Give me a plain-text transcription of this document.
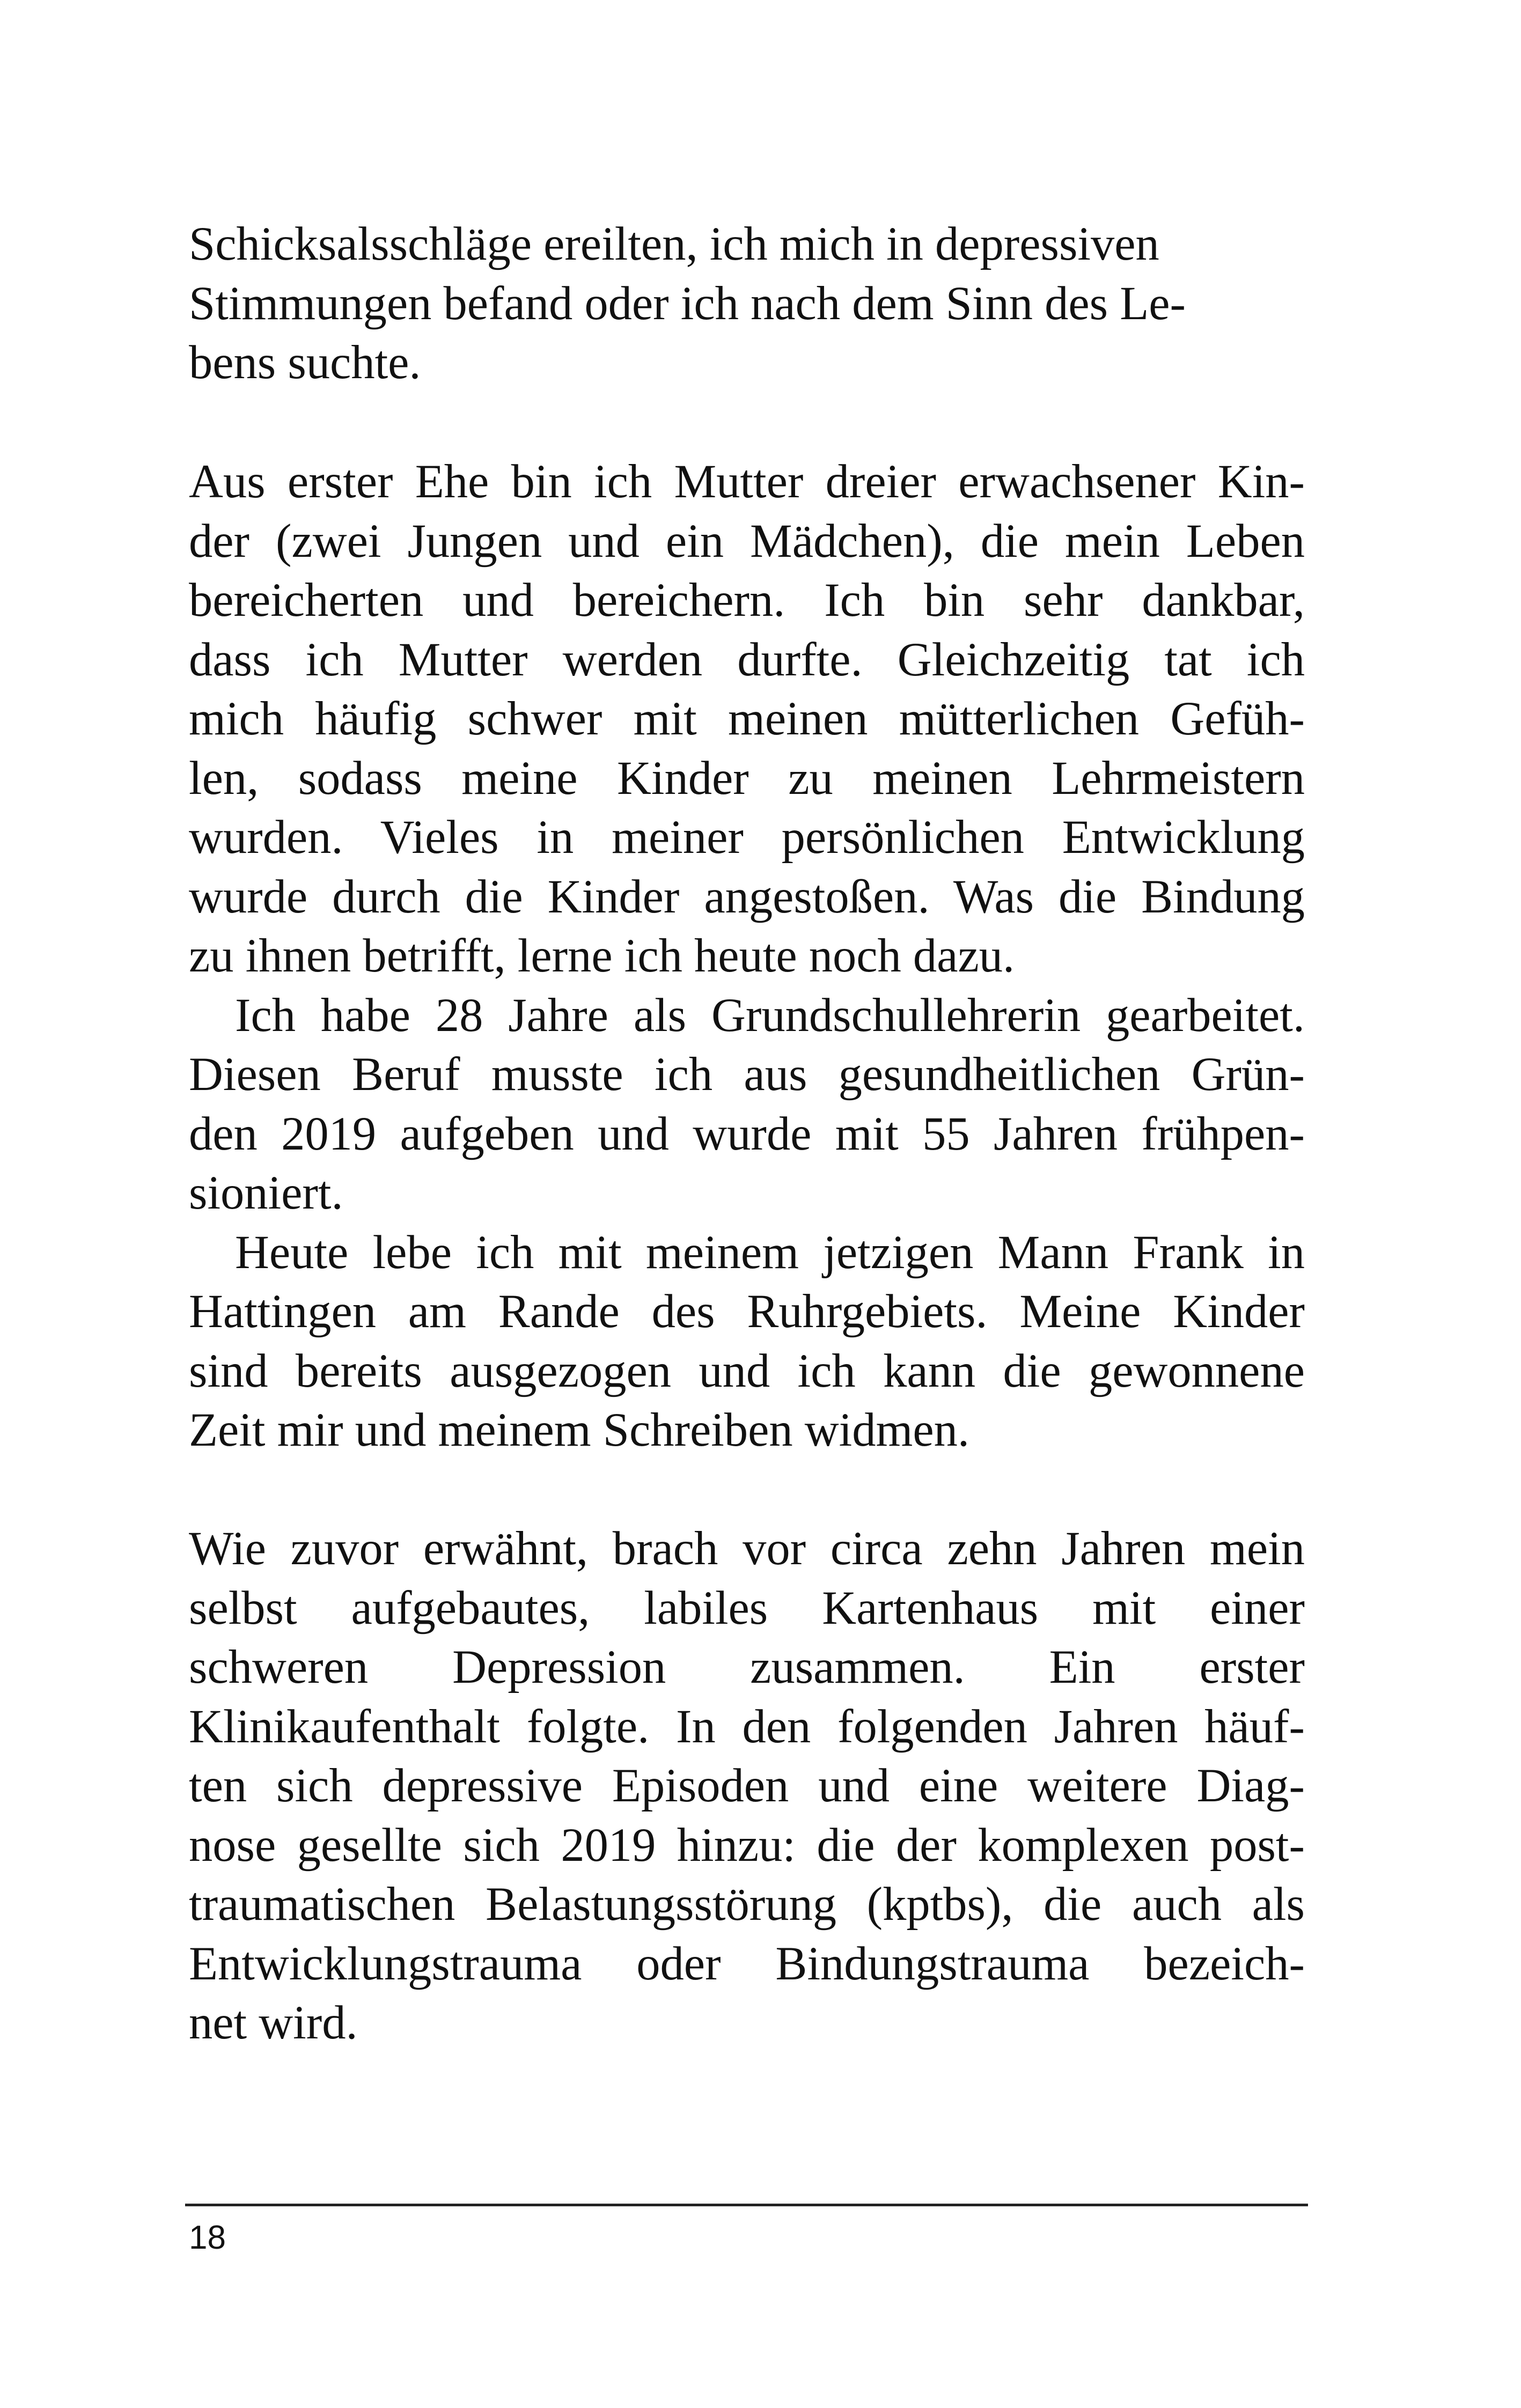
Schicksalsschläge ereilten, ich mich in depressiven
Stimmungen befand oder ich nach dem Sinn des Le-
bens suchte.
Aus erster Ehe bin ich Mutter dreier erwachsener Kin-
der (zwei Jungen und ein Mädchen), die mein Leben
bereicherten und bereichern. Ich bin sehr dankbar,
dass ich Mutter werden durfte. Gleichzeitig tat ich
mich häufig schwer mit meinen mütterlichen Gefüh-
len, sodass meine Kinder zu meinen Lehrmeistern
wurden. Vieles in meiner persönlichen Entwicklung
wurde durch die Kinder angestoßen. Was die Bindung
zu ihnen betrifft, lerne ich heute noch dazu.
Ich habe 28 Jahre als Grundschullehrerin gearbeitet.
Diesen Beruf musste ich aus gesundheitlichen Grün-
den 2019 aufgeben und wurde mit 55 Jahren frühpen-
sioniert.
Heute lebe ich mit meinem jetzigen Mann Frank in
Hattingen am Rande des Ruhrgebiets. Meine Kinder
sind bereits ausgezogen und ich kann die gewonnene
Zeit mir und meinem Schreiben widmen.
Wie zuvor erwähnt, brach vor circa zehn Jahren mein
selbst aufgebautes, labiles Kartenhaus mit einer
schweren Depression zusammen. Ein erster
Klinikaufenthalt folgte. In den folgenden Jahren häuf-
ten sich depressive Episoden und eine weitere Diag-
nose gesellte sich 2019 hinzu: die der komplexen post-
traumatischen Belastungsstörung (kptbs), die auch als
Entwicklungstrauma oder Bindungstrauma bezeich-
net wird.
18
